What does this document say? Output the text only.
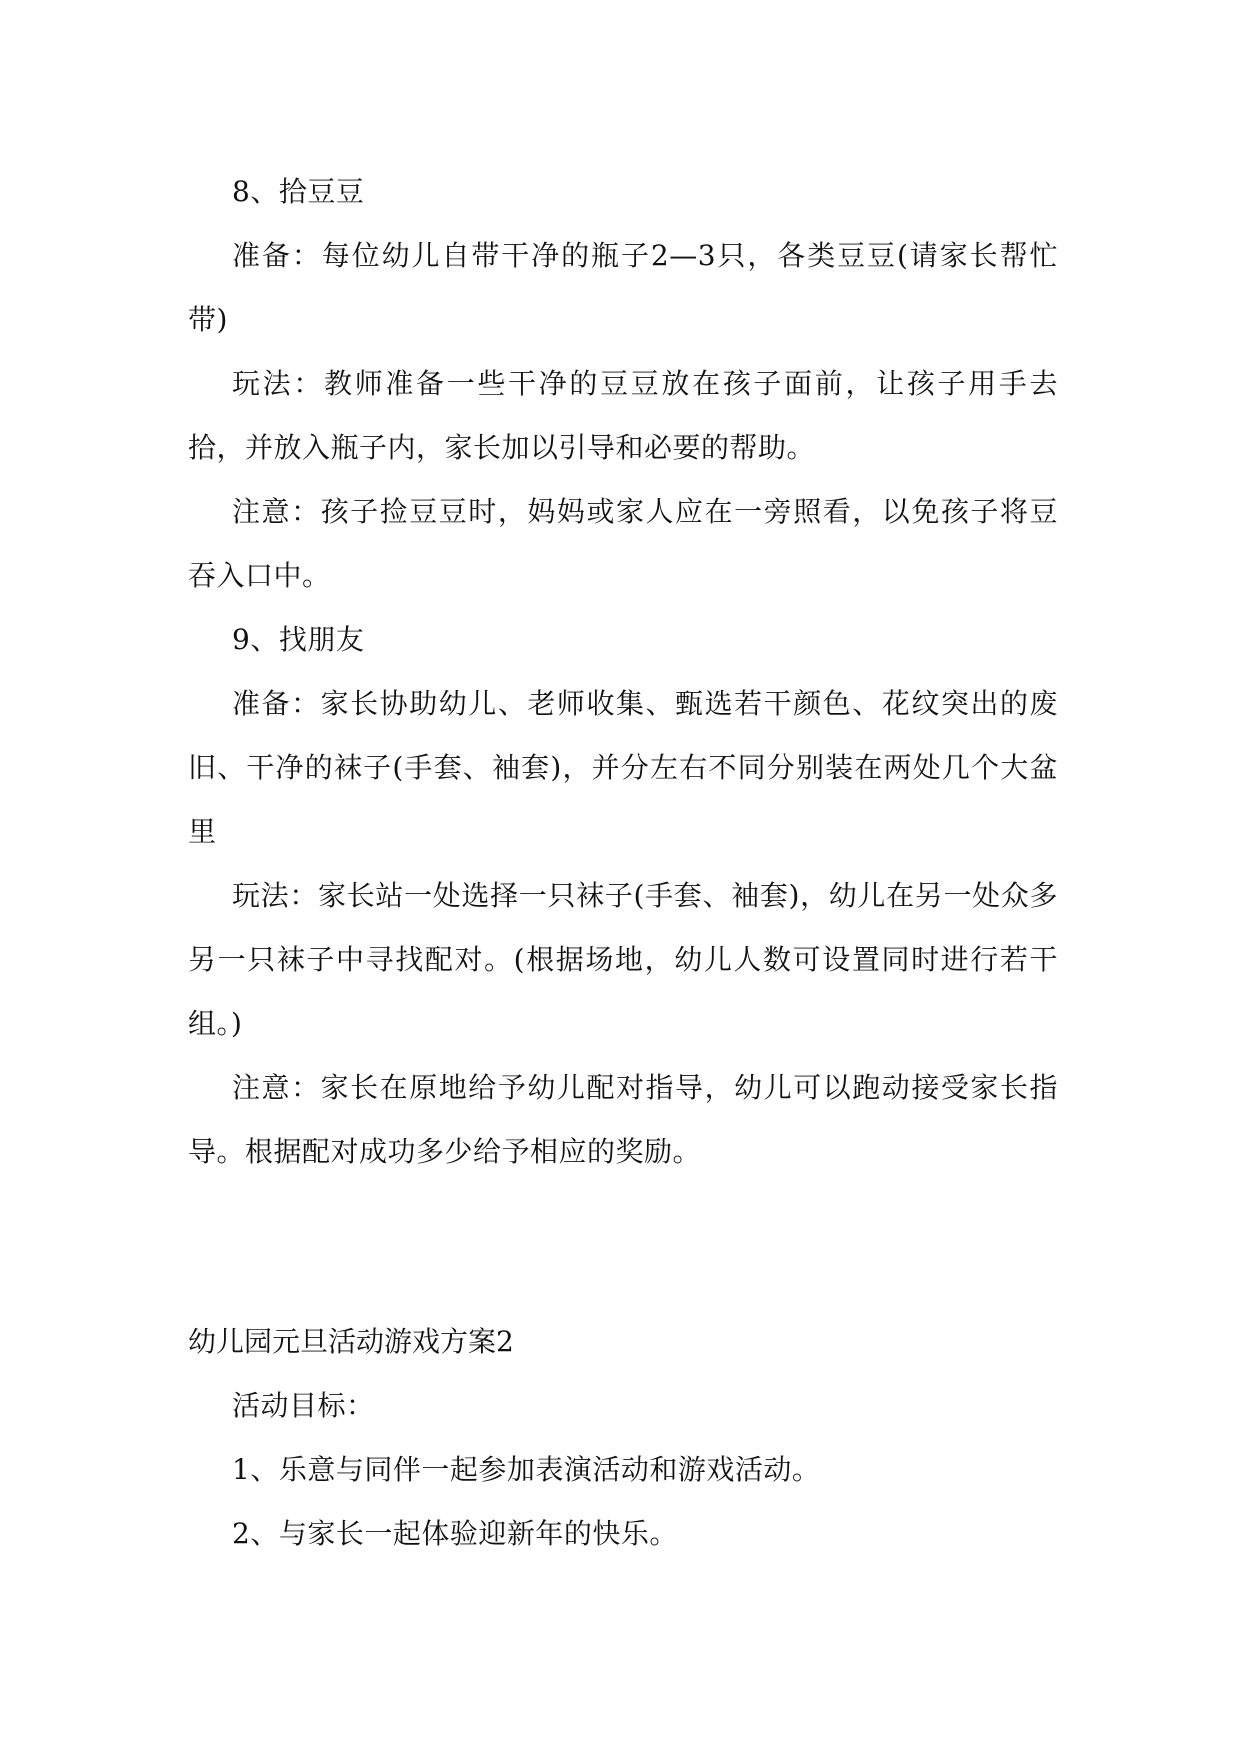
8、拾豆豆

准备：每位幼儿自带干净的瓶子2—3只，各类豆豆(请家长帮忙带)

玩法：教师准备一些干净的豆豆放在孩子面前，让孩子用手去拾，并放入瓶子内，家长加以引导和必要的帮助。

注意：孩子捡豆豆时，妈妈或家人应在一旁照看，以免孩子将豆吞入口中。

9、找朋友

准备：家长协助幼儿、老师收集、甄选若干颜色、花纹突出的废旧、干净的袜子(手套、袖套)，并分左右不同分别装在两处几个大盆里

玩法：家长站一处选择一只袜子(手套、袖套)，幼儿在另一处众多另一只袜子中寻找配对。(根据场地，幼儿人数可设置同时进行若干组。)

注意：家长在原地给予幼儿配对指导，幼儿可以跑动接受家长指导。根据配对成功多少给予相应的奖励。

幼儿园元旦活动游戏方案2

活动目标：

1、乐意与同伴一起参加表演活动和游戏活动。

2、与家长一起体验迎新年的快乐。
